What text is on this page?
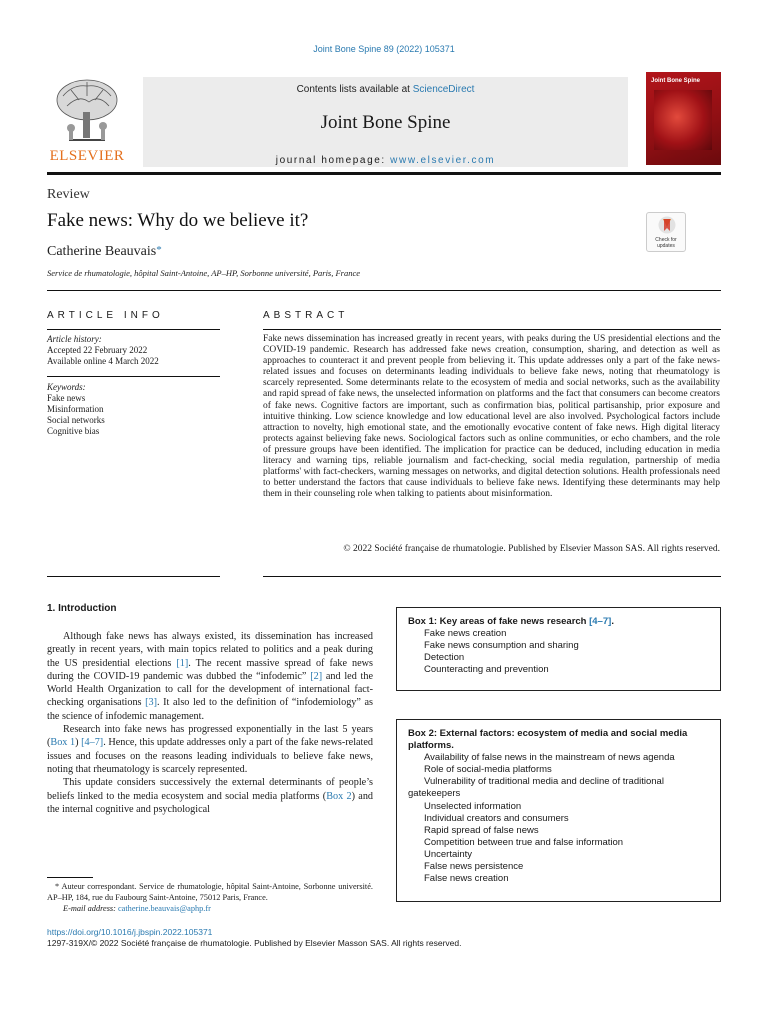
Joint Bone Spine 89 (2022) 105371
ELSEVIER
Contents lists available at ScienceDirect
Joint Bone Spine
journal homepage: www.elsevier.com
Joint Bone Spine
Review
Fake news: Why do we believe it?
Catherine Beauvais*
Service de rhumatologie, hôpital Saint-Antoine, AP–HP, Sorbonne université, Paris, France
Check for updates
ARTICLE INFO
Article history:
Accepted 22 February 2022
Available online 4 March 2022
Keywords:
Fake news
Misinformation
Social networks
Cognitive bias
ABSTRACT
Fake news dissemination has increased greatly in recent years, with peaks during the US presidential elections and the COVID-19 pandemic. Research has addressed fake news creation, consumption, sharing, and detection as well as approaches to counteract it and prevent people from believing it. This update addresses only a part of the fake news-related issues and focuses on determinants leading individuals to believe fake news, noting that rheumatology is scarcely represented. Some determinants relate to the ecosystem of media and social networks, such as the availability and rapid spread of fake news, the unselected information on platforms and the fact that consumers can become creators of fake news. Cognitive factors are important, such as confirmation bias, political partisanship, prior exposure and intuitive thinking. Low science knowledge and low educational level are also involved. Psychological factors include attraction to novelty, high emotional state, and the emotionally evocative content of fake news. High digital literacy protects against believing fake news. Sociological factors such as online communities, or echo chambers, and the role of pressure groups have been identified. The implication for practice can be deduced, including education in media literacy and warning tips, reliable journalism and fact-checking, social media regulation, partnership of media platforms' with fact-checkers, warning messages on networks, and digital detection solutions. Health professionals need to better understand the factors that cause individuals to believe fake news. Identifying these determinants may help them in their counseling role when talking to patients about misinformation.
© 2022 Société française de rhumatologie. Published by Elsevier Masson SAS. All rights reserved.
1. Introduction

Although fake news has always existed, its dissemination has increased greatly in recent years, with main topics related to politics and a peak during the US presidential elections [1]. The recent massive spread of fake news during the COVID-19 pandemic was dubbed the “infodemic” [2] and led the World Health Organization to call for the development of international fact-checking organisations [3]. It also led to the definition of “infodemiology” as the science of infodemic management.

Research into fake news has progressed exponentially in the last 5 years (Box 1) [4–7]. Hence, this update addresses only a part of the fake news-related issues and focuses on the reasons leading individuals to believe fake news, noting that rheumatology is scarcely represented.

This update considers successively the external determinants of people’s beliefs linked to the media ecosystem and social media platforms (Box 2) and the internal cognitive and psychological

* Auteur correspondant. Service de rhumatologie, hôpital Saint-Antoine, Sorbonne université. AP–HP, 184, rue du Faubourg Saint-Antoine, 75012 Paris, France.
E-mail address: catherine.beauvais@aphp.fr
Box 1: Key areas of fake news research [4–7].
Fake news creation
Fake news consumption and sharing
Detection
Counteracting and prevention
Box 2: External factors: ecosystem of media and social media platforms.
Availability of false news in the mainstream of news agenda
Role of social-media platforms
Vulnerability of traditional media and decline of traditional gatekeepers
Unselected information
Individual creators and consumers
Rapid spread of false news
Competition between true and false information
Uncertainty
False news persistence
False news creation
https://doi.org/10.1016/j.jbspin.2022.105371
1297-319X/© 2022 Société française de rhumatologie. Published by Elsevier Masson SAS. All rights reserved.
